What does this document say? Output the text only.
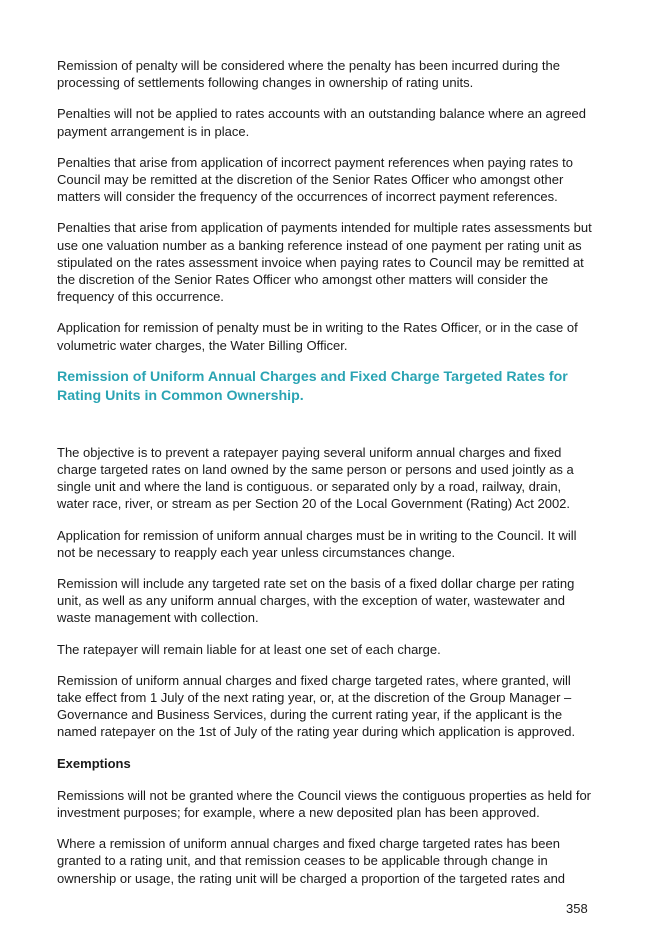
Remission of penalty will be considered where the penalty has been incurred during the processing of settlements following changes in ownership of rating units.

Penalties will not be applied to rates accounts with an outstanding balance where an agreed payment arrangement is in place.

Penalties that arise from application of incorrect payment references when paying rates to Council may be remitted at the discretion of the Senior Rates Officer who amongst other matters will consider the frequency of the occurrences of incorrect payment references.

Penalties that arise from application of payments intended for multiple rates assessments but use one valuation number as a banking reference instead of one payment per rating unit as stipulated on the rates assessment invoice when paying rates to Council may be remitted at the discretion of the Senior Rates Officer who amongst other matters will consider the frequency of this occurrence.

Application for remission of penalty must be in writing to the Rates Officer, or in the case of volumetric water charges, the Water Billing Officer.

Remission of Uniform Annual Charges and Fixed Charge Targeted Rates for Rating Units in Common Ownership.

The objective is to prevent a ratepayer paying several uniform annual charges and fixed charge targeted rates on land owned by the same person or persons and used jointly as a single unit and where the land is contiguous. or separated only by a road, railway, drain, water race, river, or stream as per Section 20 of the Local Government (Rating) Act 2002.

Application for remission of uniform annual charges must be in writing to the Council. It will not be necessary to reapply each year unless circumstances change.

Remission will include any targeted rate set on the basis of a fixed dollar charge per rating unit, as well as any uniform annual charges, with the exception of water, wastewater and waste management with collection.

The ratepayer will remain liable for at least one set of each charge.

Remission of uniform annual charges and fixed charge targeted rates, where granted, will take effect from 1 July of the next rating year, or, at the discretion of the Group Manager – Governance and Business Services, during the current rating year, if the applicant is the named ratepayer on the 1st of July of the rating year during which application is approved.

Exemptions

Remissions will not be granted where the Council views the contiguous properties as held for investment purposes; for example, where a new deposited plan has been approved.

Where a remission of uniform annual charges and fixed charge targeted rates has been granted to a rating unit, and that remission ceases to be applicable through change in ownership or usage, the rating unit will be charged a proportion of the targeted rates and

358
